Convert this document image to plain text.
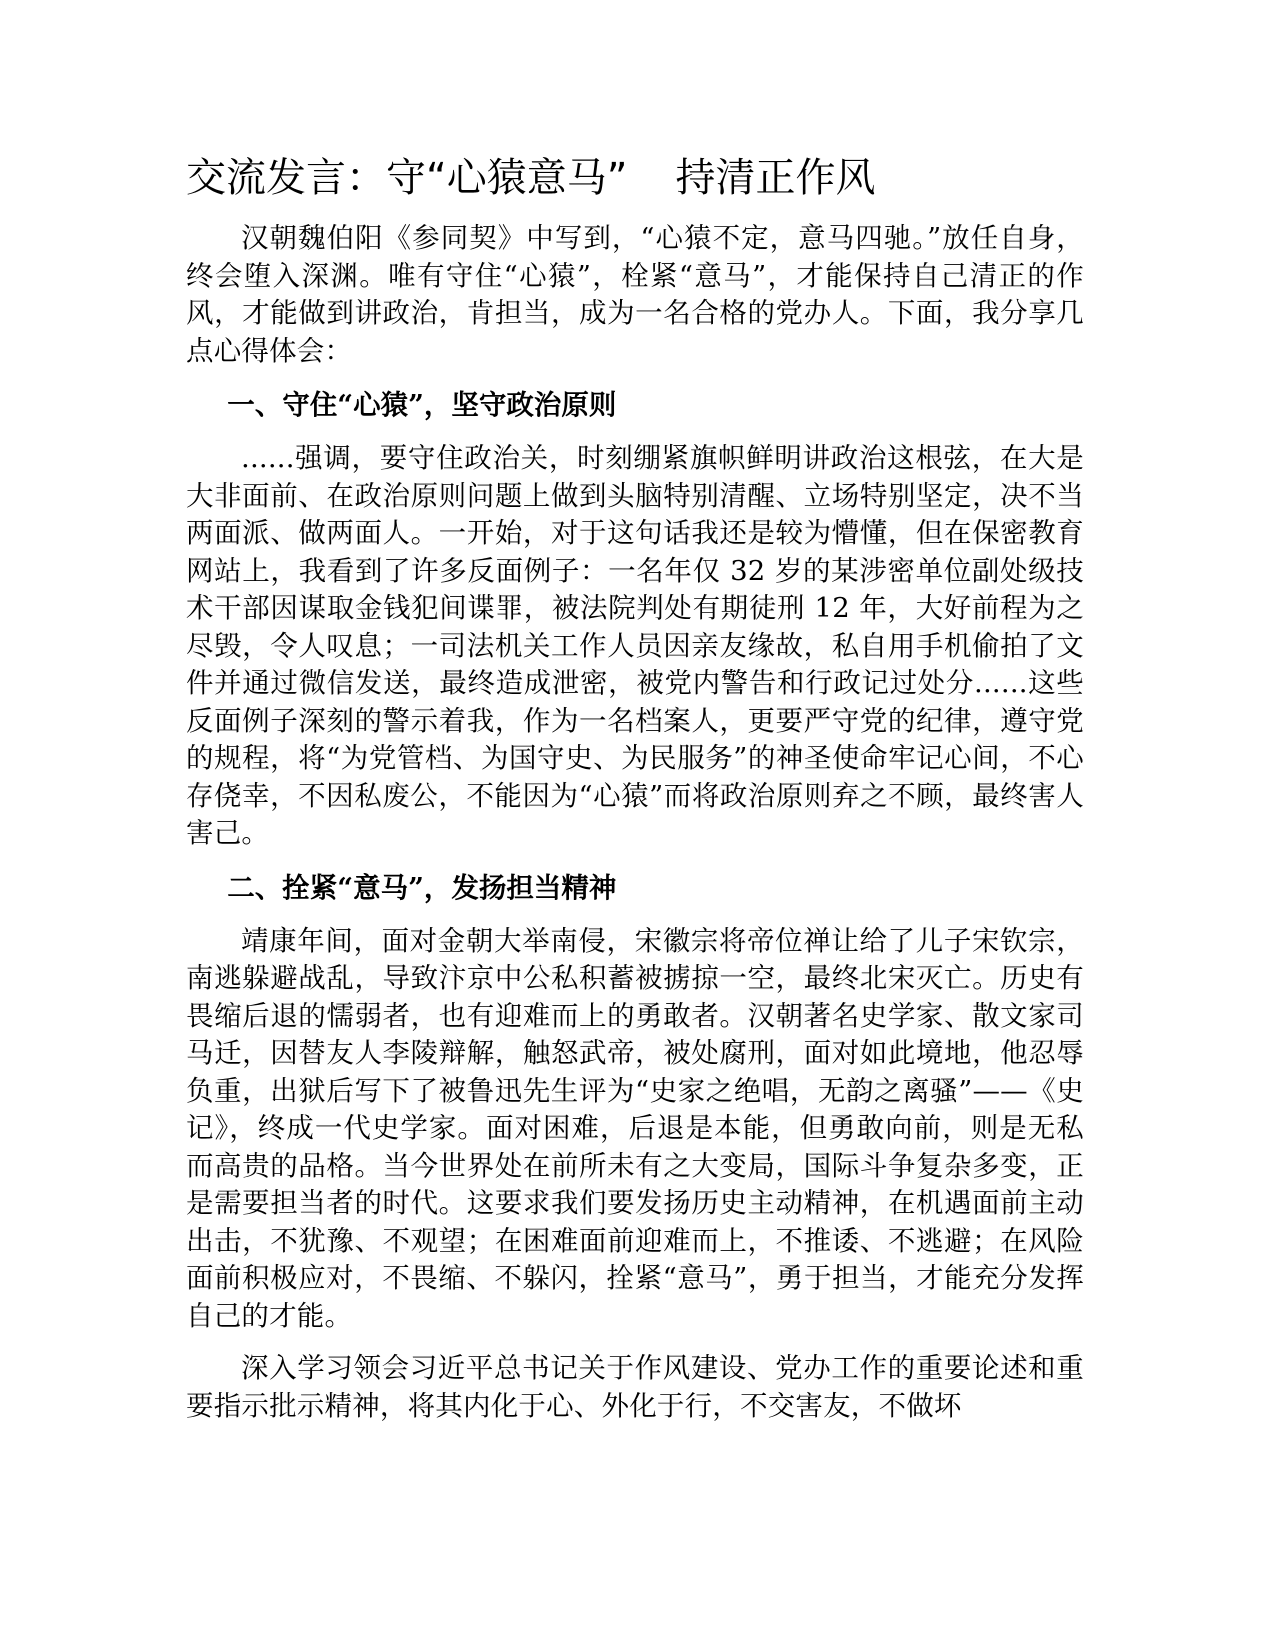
交流发言：守“心猿意马” 持清正作风

汉朝魏伯阳《参同契》中写到，“心猿不定，意马四驰。”放任自身，终会堕入深渊。唯有守住“心猿”，栓紧“意马”，才能保持自己清正的作风，才能做到讲政治，肯担当，成为一名合格的党办人。下面，我分享几点心得体会：

一、守住“心猿”，坚守政治原则

......强调，要守住政治关，时刻绷紧旗帜鲜明讲政治这根弦，在大是大非面前、在政治原则问题上做到头脑特别清醒、立场特别坚定，决不当两面派、做两面人。一开始，对于这句话我还是较为懵懂，但在保密教育网站上，我看到了许多反面例子：一名年仅 32 岁的某涉密单位副处级技术干部因谋取金钱犯间谍罪，被法院判处有期徒刑 12 年，大好前程为之尽毁，令人叹息；一司法机关工作人员因亲友缘故，私自用手机偷拍了文件并通过微信发送，最终造成泄密，被党内警告和行政记过处分......这些反面例子深刻的警示着我，作为一名档案人，更要严守党的纪律，遵守党的规程，将“为党管档、为国守史、为民服务”的神圣使命牢记心间，不心存侥幸，不因私废公，不能因为“心猿”而将政治原则弃之不顾，最终害人害己。

二、拴紧“意马”，发扬担当精神

靖康年间，面对金朝大举南侵，宋徽宗将帝位禅让给了儿子宋钦宗，南逃躲避战乱，导致汴京中公私积蓄被掳掠一空，最终北宋灭亡。历史有畏缩后退的懦弱者，也有迎难而上的勇敢者。汉朝著名史学家、散文家司马迁，因替友人李陵辩解，触怒武帝，被处腐刑，面对如此境地，他忍辱负重，出狱后写下了被鲁迅先生评为“史家之绝唱，无韵之离骚”——《史记》，终成一代史学家。面对困难，后退是本能，但勇敢向前，则是无私而高贵的品格。当今世界处在前所未有之大变局，国际斗争复杂多变，正是需要担当者的时代。这要求我们要发扬历史主动精神，在机遇面前主动出击，不犹豫、不观望；在困难面前迎难而上，不推诿、不逃避；在风险面前积极应对，不畏缩、不躲闪，拴紧“意马”，勇于担当，才能充分发挥自己的才能。

深入学习领会习近平总书记关于作风建设、党办工作的重要论述和重要指示批示精神，将其内化于心、外化于行，不交害友，不做坏
